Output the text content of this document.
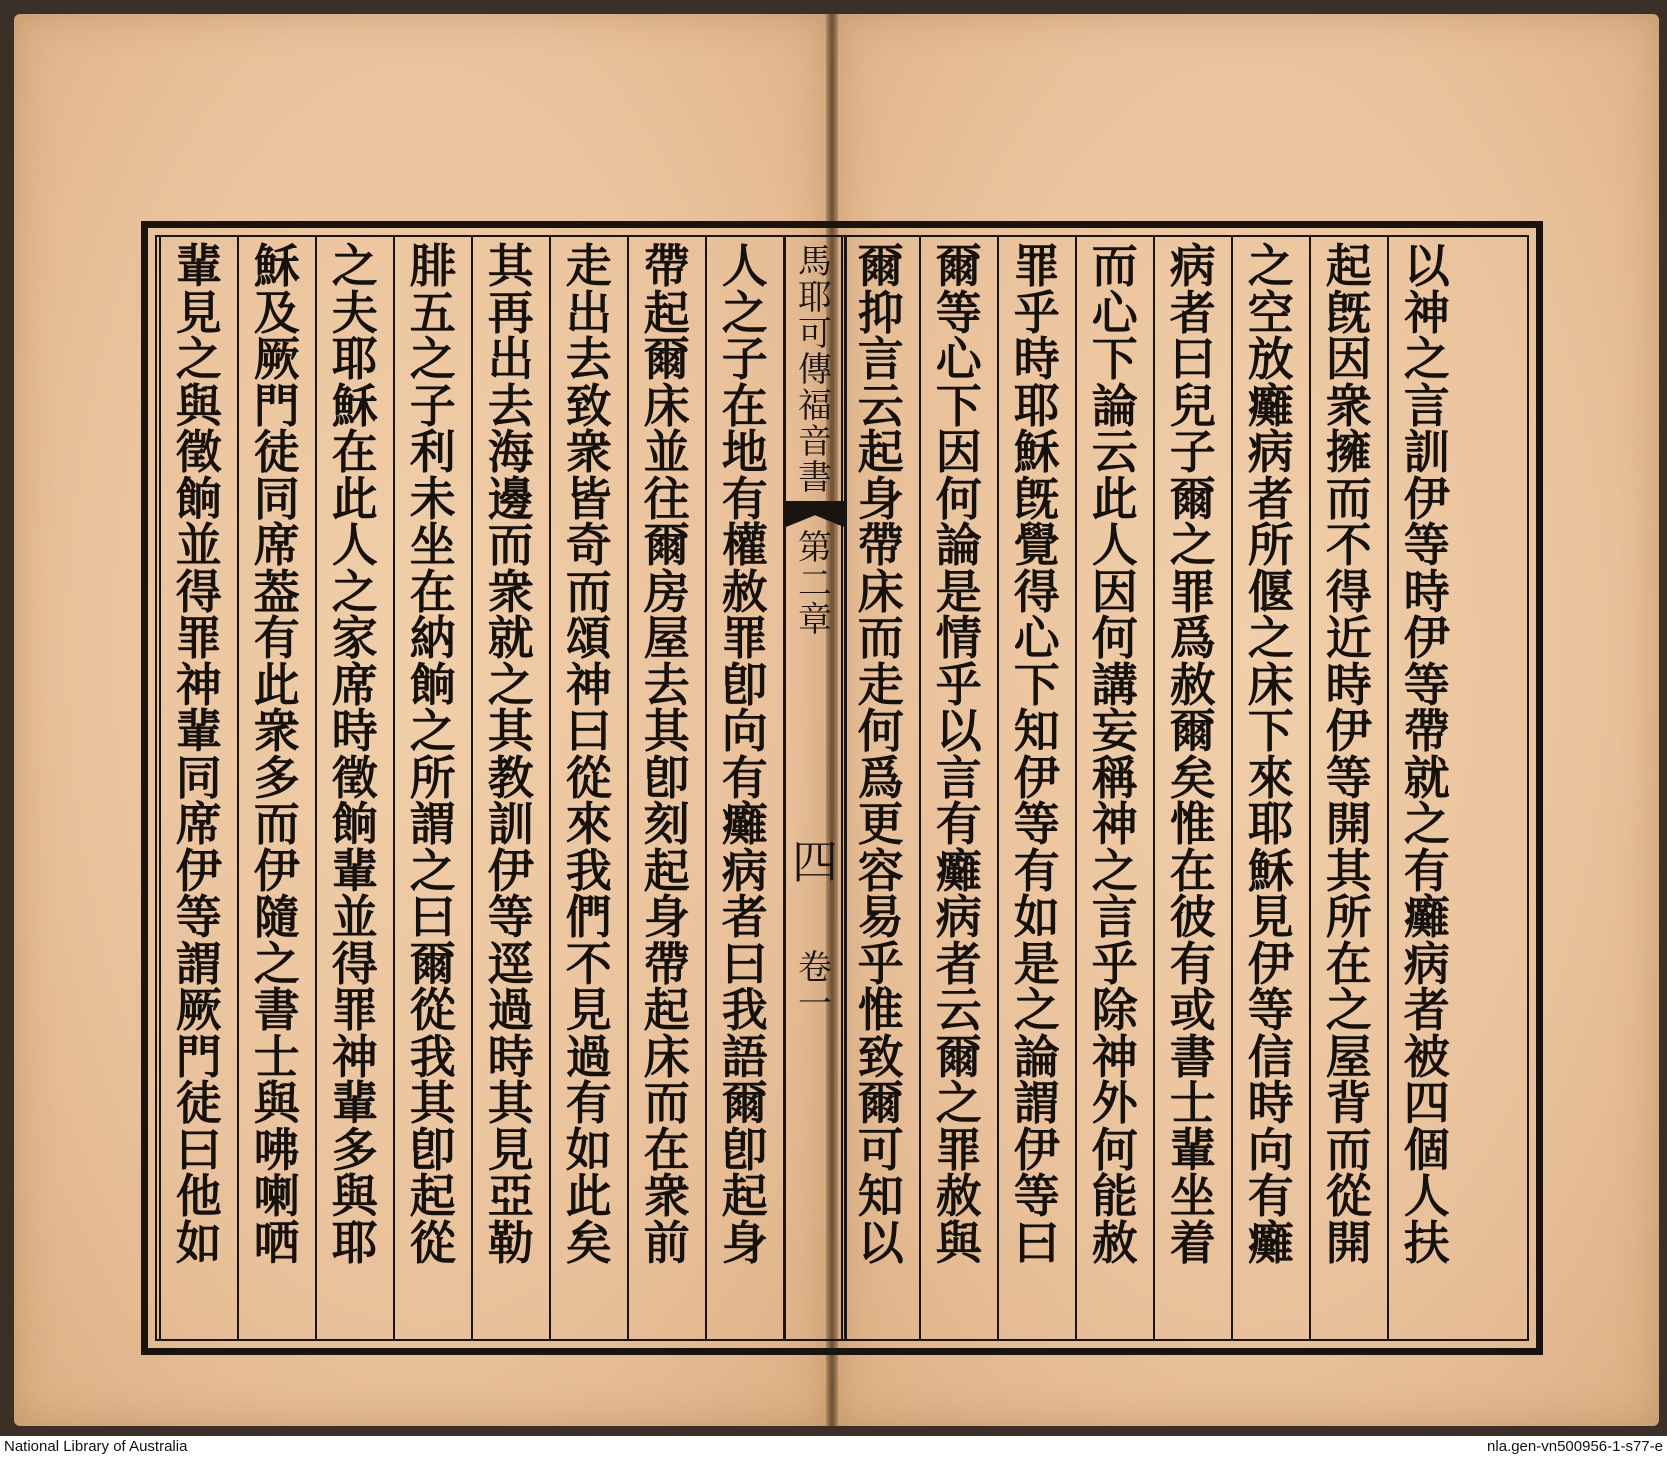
馬
耶
可
傳
福
音
書
第
二
章
四
卷
一
以
神
之
言
訓
伊
等
時
伊
等
帶
就
之
有
癱
病
者
被
四
個
人
扶
起
旣
因
衆
擁
而
不
得
近
時
伊
等
開
其
所
在
之
屋
背
而
從
開
之
空
放
癱
病
者
所
偃
之
床
下
來
耶
穌
見
伊
等
信
時
向
有
癱
病
者
曰
兒
子
爾
之
罪
爲
赦
爾
矣
惟
在
彼
有
或
書
士
輩
坐
着
而
心
下
論
云
此
人
因
何
講
妄
稱
神
之
言
乎
除
神
外
何
能
赦
罪
乎
時
耶
穌
旣
覺
得
心
下
知
伊
等
有
如
是
之
論
謂
伊
等
曰
爾
等
心
下
因
何
論
是
情
乎
以
言
有
癱
病
者
云
爾
之
罪
赦
與
爾
抑
言
云
起
身
帶
床
而
走
何
爲
更
容
易
乎
惟
致
爾
可
知
以
人
之
子
在
地
有
權
赦
罪
卽
向
有
癱
病
者
曰
我
語
爾
卽
起
身
帶
起
爾
床
並
往
爾
房
屋
去
其
卽
刻
起
身
帶
起
床
而
在
衆
前
走
出
去
致
衆
皆
奇
而
頌
神
曰
從
來
我
們
不
見
過
有
如
此
矣
其
再
出
去
海
邊
而
衆
就
之
其
教
訓
伊
等
逕
過
時
其
見
亞
勒
腓
五
之
子
利
未
坐
在
納
餉
之
所
謂
之
曰
爾
從
我
其
卽
起
從
之
夫
耶
穌
在
此
人
之
家
席
時
徵
餉
輩
並
得
罪
神
輩
多
與
耶
穌
及
厥
門
徒
同
席
葢
有
此
衆
多
而
伊
隨
之
書
士
與
咈
喇
哂
輩
見
之
與
徵
餉
並
得
罪
神
輩
同
席
伊
等
謂
厥
門
徒
曰
他
如
National Library of Australia	nla.gen-vn500956-1-s77-e
